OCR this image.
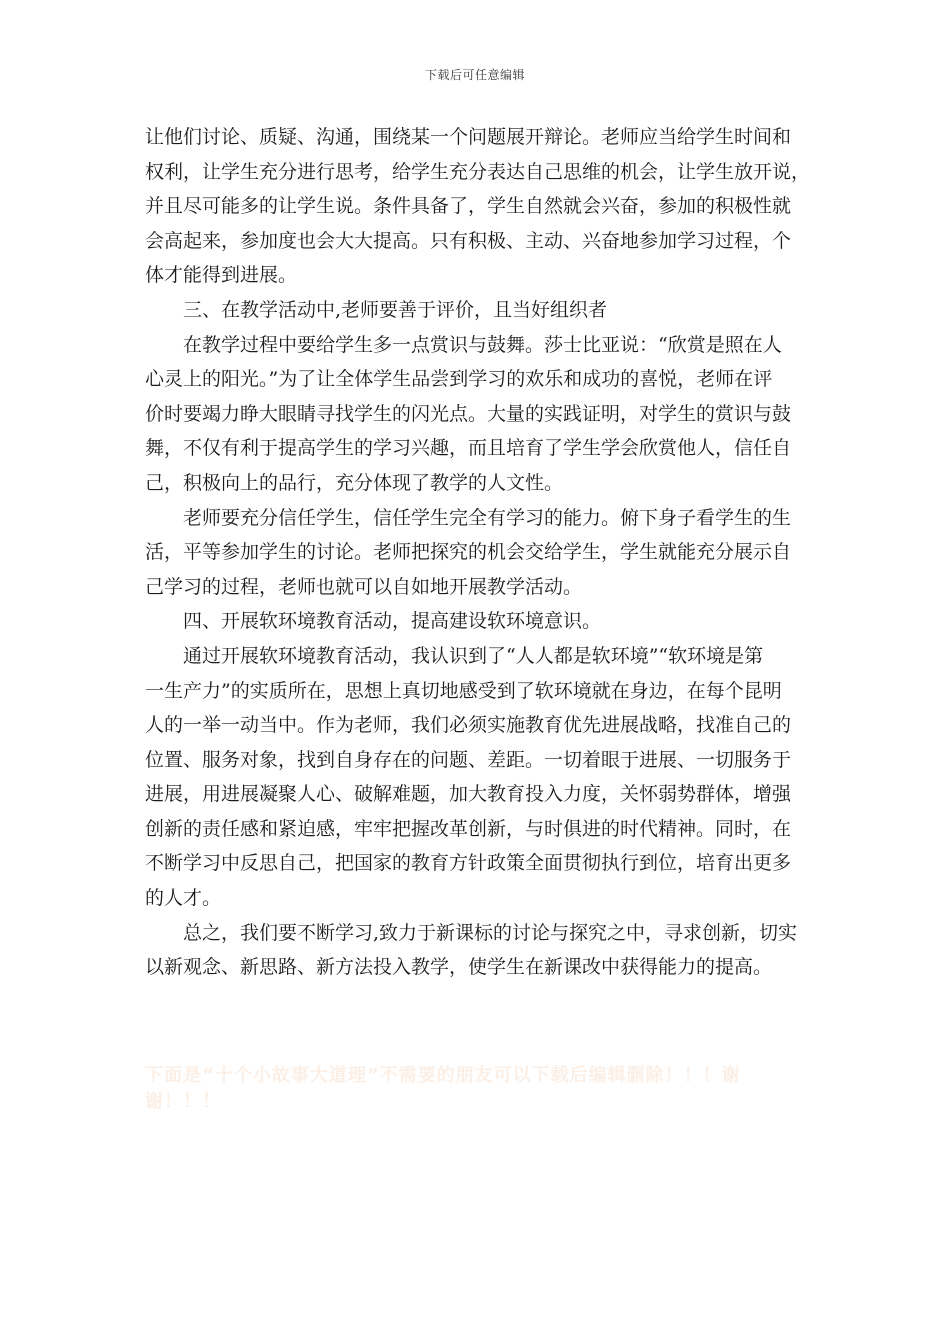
下载后可任意编辑
让他们讨论、质疑、沟通，围绕某一个问题展开辩论。老师应当给学生时间和
权利，让学生充分进行思考，给学生充分表达自己思维的机会，让学生放开说，
并且尽可能多的让学生说。条件具备了，学生自然就会兴奋，参加的积极性就
会高起来，参加度也会大大提高。只有积极、主动、兴奋地参加学习过程，个
体才能得到进展。
三、在教学活动中,老师要善于评价，且当好组织者
在教学过程中要给学生多一点赏识与鼓舞。莎士比亚说：“欣赏是照在人
心灵上的阳光。”为了让全体学生品尝到学习的欢乐和成功的喜悦，老师在评
价时要竭力睁大眼睛寻找学生的闪光点。大量的实践证明，对学生的赏识与鼓
舞，不仅有利于提高学生的学习兴趣，而且培育了学生学会欣赏他人，信任自
己，积极向上的品行，充分体现了教学的人文性。
老师要充分信任学生，信任学生完全有学习的能力。俯下身子看学生的生
活，平等参加学生的讨论。老师把探究的机会交给学生，学生就能充分展示自
己学习的过程，老师也就可以自如地开展教学活动。
四、开展软环境教育活动，提高建设软环境意识。
通过开展软环境教育活动，我认识到了“人人都是软环境”“软环境是第
一生产力”的实质所在，思想上真切地感受到了软环境就在身边，在每个昆明
人的一举一动当中。作为老师，我们必须实施教育优先进展战略，找准自己的
位置、服务对象，找到自身存在的问题、差距。一切着眼于进展、一切服务于
进展，用进展凝聚人心、破解难题，加大教育投入力度，关怀弱势群体，增强
创新的责任感和紧迫感，牢牢把握改革创新，与时俱进的时代精神。同时，在
不断学习中反思自己，把国家的教育方针政策全面贯彻执行到位，培育出更多
的人才。
总之，我们要不断学习,致力于新课标的讨论与探究之中，寻求创新，切实
以新观念、新思路、新方法投入教学，使学生在新课改中获得能力的提高。
下面是“十个小故事大道理”不需要的朋友可以下载后编辑删除！！！谢
谢！！！
